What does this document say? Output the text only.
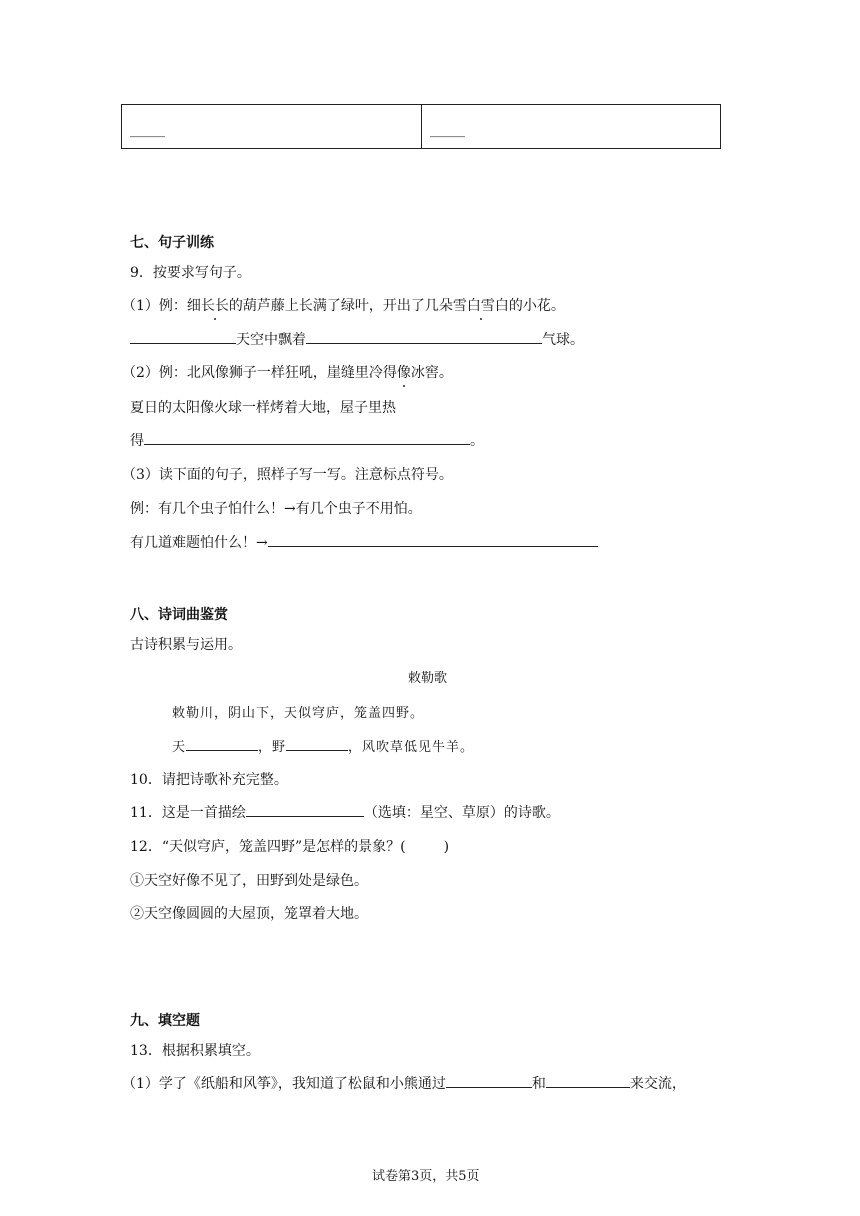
_____	_____
七、句子训练
9．按要求写句子。
（1）例：细长长的葫芦藤上长满了绿叶，开出了几朵雪白雪白的小花。
天空中飘着	气球。
（2）例：北风像狮子一样狂吼，崖缝里冷得像冰窖。
夏日的太阳像火球一样烤着大地，屋子里热
得	。
（3）读下面的句子，照样子写一写。注意标点符号。
例：有几个虫子怕什么！→有几个虫子不用怕。
有几道难题怕什么！→
八、诗词曲鉴赏
古诗积累与运用。
敕勒歌
敕勒川，阴山下，天似穹庐，笼盖四野。
天	，野	，风吹草低见牛羊。
10．请把诗歌补充完整。
11．这是一首描绘	（选填：星空、草原）的诗歌。
12．“天似穹庐，笼盖四野”是怎样的景象？(	)
①天空好像不见了，田野到处是绿色。
②天空像圆圆的大屋顶，笼罩着大地。
九、填空题
13．根据积累填空。
（1）学了《纸船和风筝》，我知道了松鼠和小熊通过	和	来交流，
试卷第3页，共5页
